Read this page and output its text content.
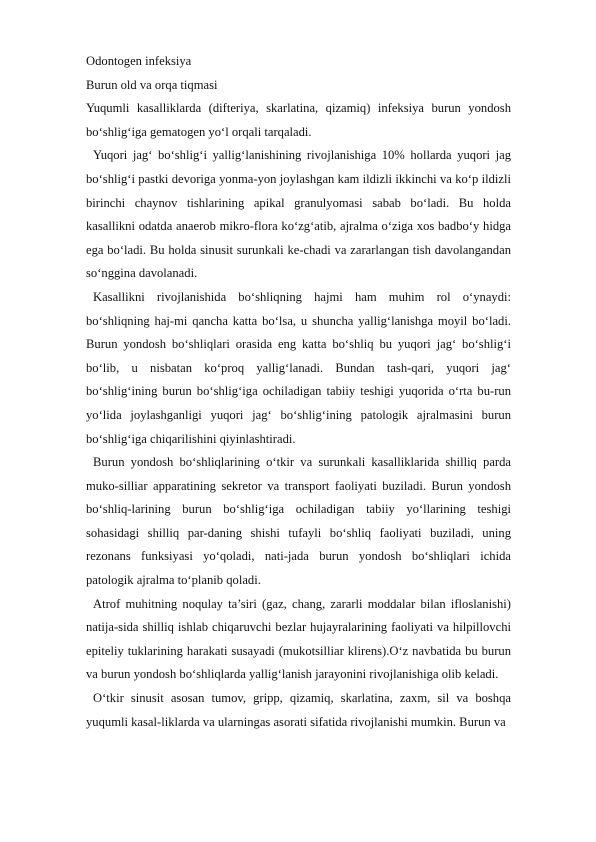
Odontogen infeksiya
Burun old va orqa tiqmasi

Yuqumli kasalliklarda (difteriya, skarlatina, qizamiq) infeksiya burun yondosh bo‘shlig‘iga gematogen yo‘l orqali tarqaladi.

Yuqori jag‘ bo‘shlig‘i yallig‘lanishining rivojlanishiga 10% hollarda yuqori jag bo‘shlig‘i pastki devoriga yonma-yon joylashgan kam ildizli ikkinchi va ko‘p ildizli birinchi chaynov tishlarining apikal granulyomasi sabab bo‘ladi. Bu holda kasallikni odatda anaerob mikro-flora ko‘zg‘atib, ajralma o‘ziga xos badbo‘y hidga ega bo‘ladi. Bu holda sinusit surunkali ke-chadi va zararlangan tish davolangandan so‘nggina davolanadi.

Kasallikni rivojlanishida bo‘shliqning hajmi ham muhim rol o‘ynaydi: bo‘shliqning haj-mi qancha katta bo‘lsa, u shuncha yallig‘lanishga moyil bo‘ladi. Burun yondosh bo‘shliqlari orasida eng katta bo‘shliq bu yuqori jag‘ bo‘shlig‘i bo‘lib, u nisbatan ko‘proq yallig‘lanadi. Bundan tash-qari, yuqori jag‘ bo‘shlig‘ining burun bo‘shlig‘iga ochiladigan tabiiy teshigi yuqorida o‘rta bu-run yo‘lida joylashganligi yuqori jag‘ bo‘shlig‘ining patologik ajralmasini burun bo‘shlig‘iga chiqarilishini qiyinlashtiradi.

Burun yondosh bo‘shliqlarining o‘tkir va surunkali kasalliklarida shilliq parda muko-silliar apparatining sekretor va transport faoliyati buziladi. Burun yondosh bo‘shliq-larining burun bo‘shlig‘iga ochiladigan tabiiy yo‘llarining teshigi sohasidagi shilliq par-daning shishi tufayli bo‘shliq faoliyati buziladi, uning rezonans funksiyasi yo‘qoladi, nati-jada burun yondosh bo‘shliqlari ichida patologik ajralma to‘planib qoladi.

Atrof muhitning noqulay ta’siri (gaz, chang, zararli moddalar bilan ifloslanishi) natija-sida shilliq ishlab chiqaruvchi bezlar hujayralarining faoliyati va hilpillovchi epiteliy tuklarining harakati susayadi (mukotsilliar klirens).O‘z navbatida bu burun va burun yondosh bo‘shliqlarda yallig‘lanish jarayonini rivojlanishiga olib keladi.

O‘tkir sinusit asosan tumov, gripp, qizamiq, skarlatina, zaxm, sil va boshqa yuqumli kasal-liklarda va ularningas asorati sifatida rivojlanishi mumkin. Burun va
